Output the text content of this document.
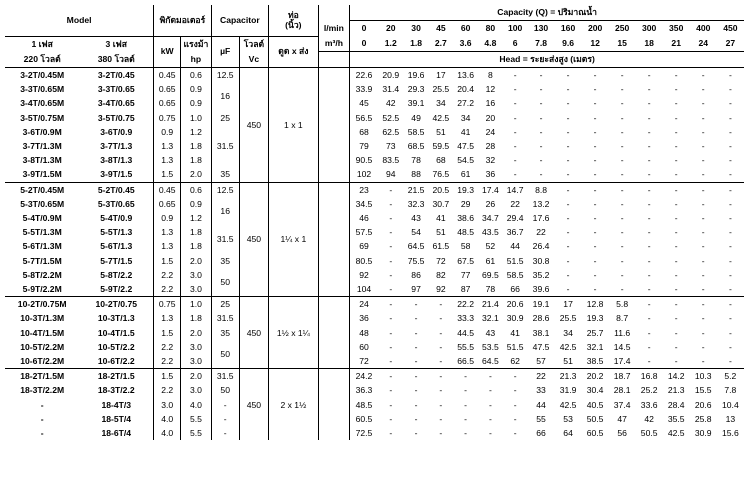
Model		พิกัดมอเตอร์		Capacitor		ท่อ
(นิ้ว)		Capacity (Q) = ปริมาณน้ำ														
							l/min	0	20	30	45	60	80	100	130	160	200	250	300	350	400	450
1 เฟส	3 เฟส	kW	แรงม้า	µF	โวลต์	ดูด x ส่ง	m³/h	0	1.2	1.8	2.7	3.6	4.8	6	7.8	9.6	12	15	18	21	24	27
220 โวลต์	380 โวลต์		hp		Vc			Head = ระยะส่งสูง (เมตร)														
3-2T/0.45M	3-2T/0.45	0.45	0.6	12.5	450	1 x 1		22.6	20.9	19.6	17	13.6	8	-	-	-	-	-	-	-	-	-
3-3T/0.65M	3-3T/0.65	0.65	0.9	16				33.9	31.4	29.3	25.5	20.4	12	-	-	-	-	-	-	-	-	-
3-4T/0.65M	3-4T/0.65	0.65	0.9					45	42	39.1	34	27.2	16	-	-	-	-	-	-	-	-	-
3-5T/0.75M	3-5T/0.75	0.75	1.0	25				56.5	52.5	49	42.5	34	20	-	-	-	-	-	-	-	-	-
3-6T/0.9M	3-6T/0.9	0.9	1.2	31.5				68	62.5	58.5	51	41	24	-	-	-	-	-	-	-	-	-
3-7T/1.3M	3-7T/1.3	1.3	1.8					79	73	68.5	59.5	47.5	28	-	-	-	-	-	-	-	-	-
3-8T/1.3M	3-8T/1.3	1.3	1.8					90.5	83.5	78	68	54.5	32	-	-	-	-	-	-	-	-	-
3-9T/1.5M	3-9T/1.5	1.5	2.0	35				102	94	88	76.5	61	36	-	-	-	-	-	-	-	-	-
5-2T/0.45M	5-2T/0.45	0.45	0.6	12.5	450	1¼ x 1		23	-	21.5	20.5	19.3	17.4	14.7	8.8	-	-	-	-	-	-	-
5-3T/0.65M	5-3T/0.65	0.65	0.9	16				34.5	-	32.3	30.7	29	26	22	13.2	-	-	-	-	-	-	-
5-4T/0.9M	5-4T/0.9	0.9	1.2					46	-	43	41	38.6	34.7	29.4	17.6	-	-	-	-	-	-	-
5-5T/1.3M	5-5T/1.3	1.3	1.8	31.5				57.5	-	54	51	48.5	43.5	36.7	22	-	-	-	-	-	-	-
5-6T/1.3M	5-6T/1.3	1.3	1.8					69	-	64.5	61.5	58	52	44	26.4	-	-	-	-	-	-	-
5-7T/1.5M	5-7T/1.5	1.5	2.0	35				80.5	-	75.5	72	67.5	61	51.5	30.8	-	-	-	-	-	-	-
5-8T/2.2M	5-8T/2.2	2.2	3.0	50				92	-	86	82	77	69.5	58.5	35.2	-	-	-	-	-	-	-
5-9T/2.2M	5-9T/2.2	2.2	3.0					104	-	97	92	87	78	66	39.6	-	-	-	-	-	-	-
10-2T/0.75M	10-2T/0.75	0.75	1.0	25	450	1½ x 1¼		24	-	-	-	22.2	21.4	20.6	19.1	17	12.8	5.8	-	-	-	-
10-3T/1.3M	10-3T/1.3	1.3	1.8	31.5				36	-	-	-	33.3	32.1	30.9	28.6	25.5	19.3	8.7	-	-	-	-
10-4T/1.5M	10-4T/1.5	1.5	2.0	35				48	-	-	-	44.5	43	41	38.1	34	25.7	11.6	-	-	-	-
10-5T/2.2M	10-5T/2.2	2.2	3.0	50				60	-	-	-	55.5	53.5	51.5	47.5	42.5	32.1	14.5	-	-	-	-
10-6T/2.2M	10-6T/2.2	2.2	3.0					72	-	-	-	66.5	64.5	62	57	51	38.5	17.4	-	-	-	-
18-2T/1.5M	18-2T/1.5	1.5	2.0	31.5	450	2 x 1½		24.2	-	-	-	-	-	-	22	21.3	20.2	18.7	16.8	14.2	10.3	5.2
18-3T/2.2M	18-3T/2.2	2.2	3.0	50				36.3	-	-	-	-	-	-	33	31.9	30.4	28.1	25.2	21.3	15.5	7.8
-	18-4T/3	3.0	4.0	-				48.5	-	-	-	-	-	-	44	42.5	40.5	37.4	33.6	28.4	20.6	10.4
-	18-5T/4	4.0	5.5	-				60.5	-	-	-	-	-	-	55	53	50.5	47	42	35.5	25.8	13
-	18-6T/4	4.0	5.5	-				72.5	-	-	-	-	-	-	66	64	60.5	56	50.5	42.5	30.9	15.6
